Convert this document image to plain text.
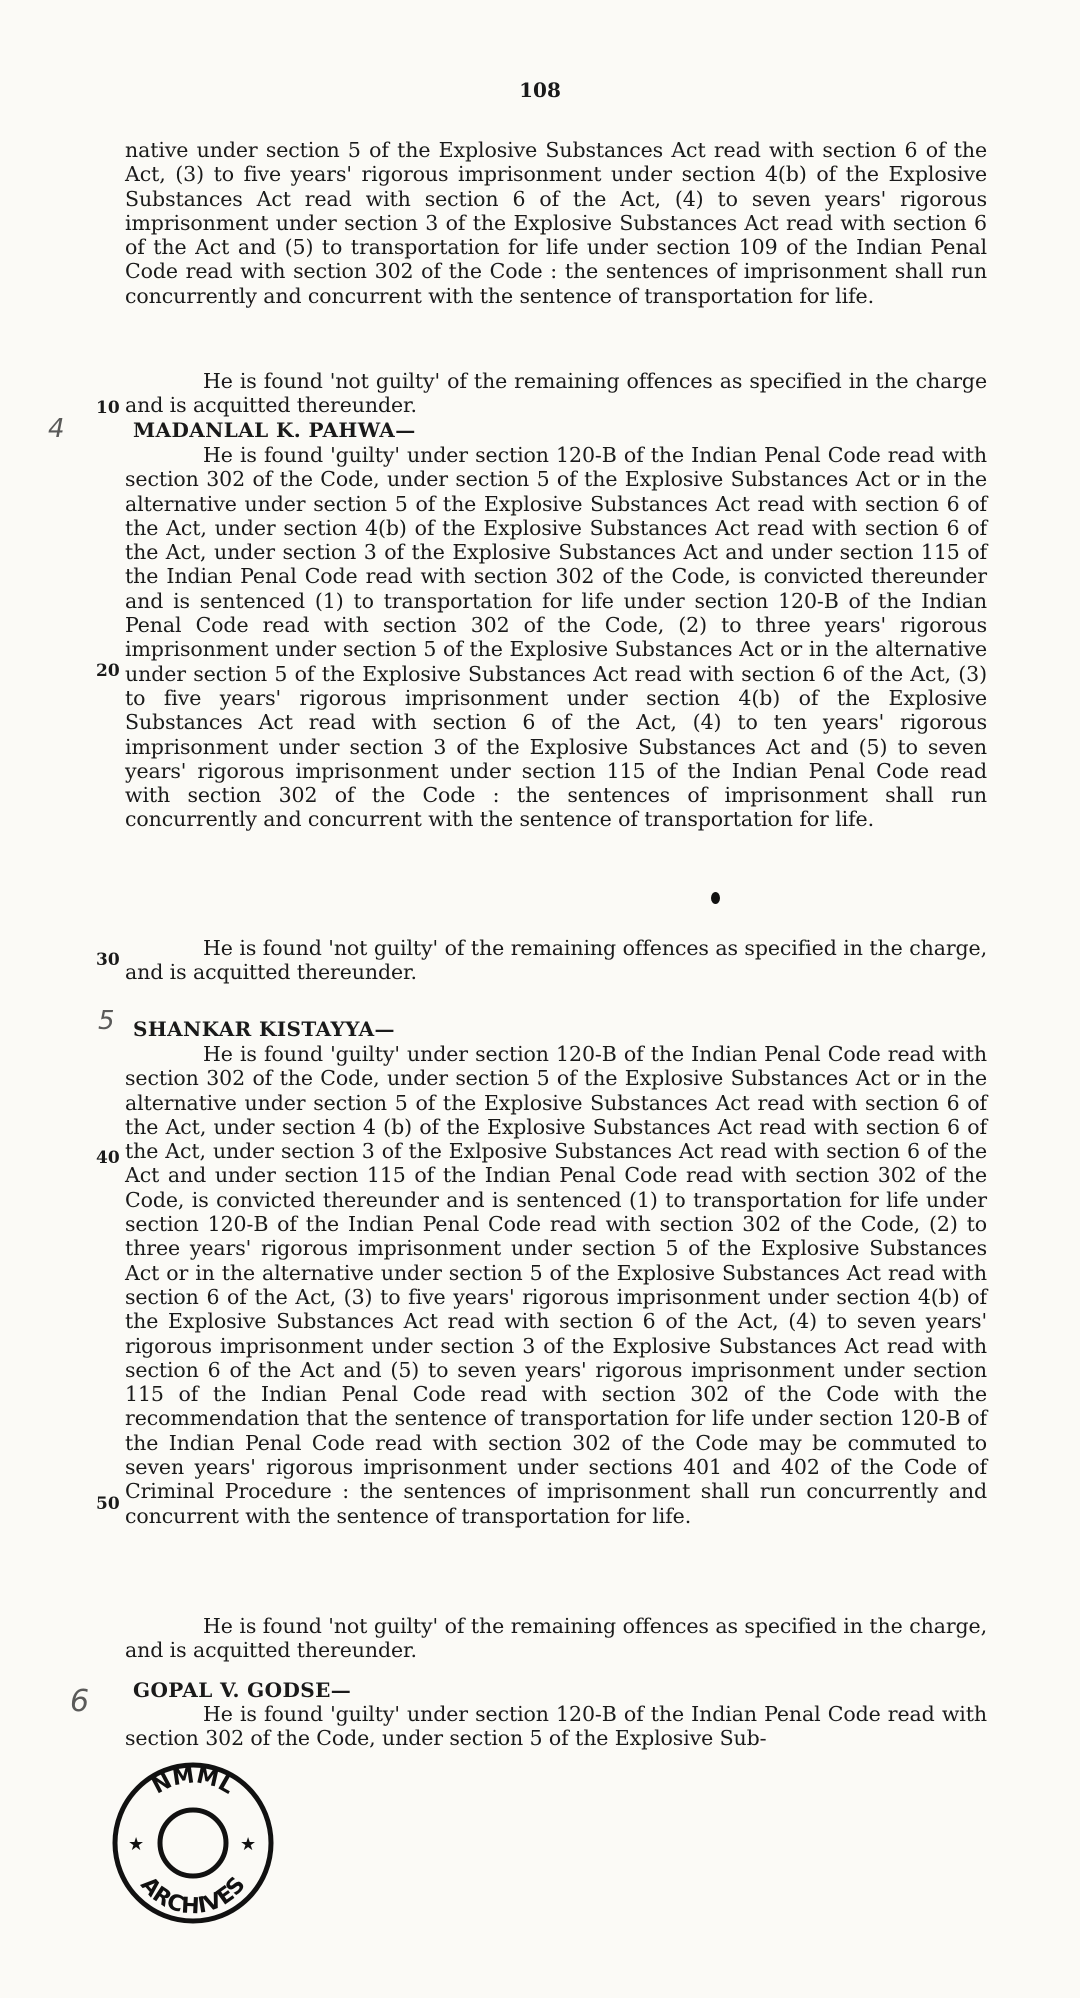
108

native under section 5 of the Explosive Substances Act read with section 6 of the Act, (3) to five years' rigorous imprisonment under section 4(b) of the Explosive Substances Act read with section 6 of the Act, (4) to seven years' rigorous imprisonment under section 3 of the Explosive Substances Act read with section 6 of the Act and (5) to transportation for life under section 109 of the Indian Penal Code read with section 302 of the Code : the sentences of imprisonment shall run concurrently and concurrent with the sentence of transportation for life.

He is found 'not guilty' of the remaining offences as specified in the charge and is acquitted thereunder.

10
4	MADANLAL K. PAHWA—

He is found 'guilty' under section 120-B of the Indian Penal Code read with section 302 of the Code, under section 5 of the Explosive Substances Act or in the alternative under section 5 of the Explosive Substances Act read with section 6 of the Act, under section 4(b) of the Explosive Substances Act read with section 6 of the Act, under section 3 of the Explosive Substances Act and under section 115 of the Indian Penal Code read with section 302 of the Code, is convicted thereunder and is sentenced (1) to transportation for life under section 120-B of the Indian Penal Code read with section 302 of the Code, (2) to three years' rigorous imprisonment under section 5 of the Explosive Substances Act or in the alternative under section 5 of the Explosive Substances Act read with section 6 of the Act, (3) to five years' rigorous imprisonment under section 4(b) of the Explosive Substances Act read with section 6 of the Act, (4) to ten years' rigorous imprisonment under section 3 of the Explosive Substances Act and (5) to seven years' rigorous imprisonment under section 115 of the Indian Penal Code read with section 302 of the Code : the sentences of imprisonment shall run concurrently and concurrent with the sentence of transportation for life.

20

He is found 'not guilty' of the remaining offences as specified in the charge, and is acquitted thereunder.

30
5 SHANKAR KISTAYYA—

He is found 'guilty' under section 120-B of the Indian Penal Code read with section 302 of the Code, under section 5 of the Explosive Substances Act or in the alternative under section 5 of the Explosive Substances Act read with section 6 of the Act, under section 4 (b) of the Explosive Substances Act read with section 6 of the Act, under section 3 of the Exlposive Substances Act read with section 6 of the Act and under section 115 of the Indian Penal Code read with section 302 of the Code, is convicted thereunder and is sentenced (1) to transportation for life under section 120-B of the Indian Penal Code read with section 302 of the Code, (2) to three years' rigorous imprisonment under section 5 of the Explosive Substances Act or in the alternative under section 5 of the Explosive Substances Act read with section 6 of the Act, (3) to five years' rigorous imprisonment under section 4(b) of the Explosive Substances Act read with section 6 of the Act, (4) to seven years' rigorous imprisonment under section 3 of the Explosive Substances Act read with section 6 of the Act and (5) to seven years' rigorous imprisonment under section 115 of the Indian Penal Code read with section 302 of the Code with the recommendation that the sentence of transportation for life under section 120-B of the Indian Penal Code read with section 302 of the Code may be commuted to seven years' rigorous imprisonment under sections 401 and 402 of the Code of Criminal Procedure : the sentences of imprisonment shall run concurrently and concurrent with the sentence of transportation for life.

40
50

He is found 'not guilty' of the remaining offences as specified in the charge, and is acquitted thereunder.

6 GOPAL V. GODSE—

He is found 'guilty' under section 120-B of the Indian Penal Code read with section 302 of the Code, under section 5 of the Explosive Sub-

NMML
ARCHIVES
★	★
